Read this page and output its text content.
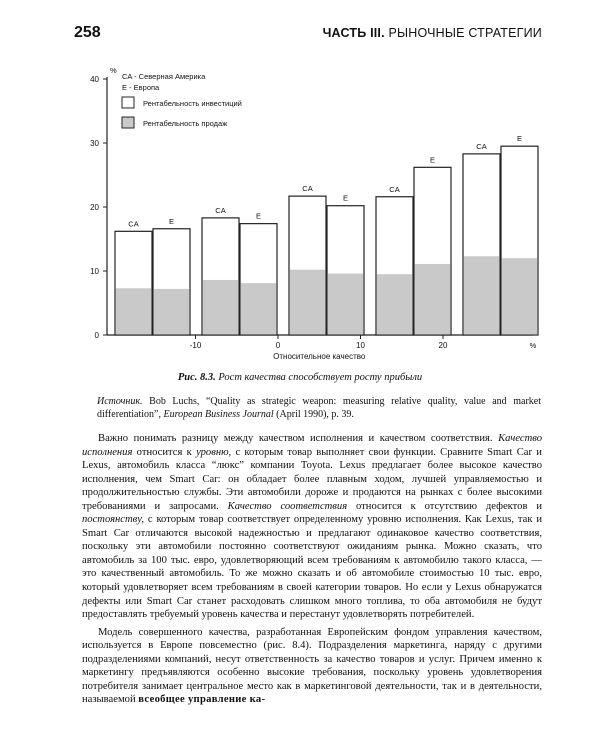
258	ЧАСТЬ III. РЫНОЧНЫЕ СТРАТЕГИИ
%
0
10
20
30
40
-10	0	10	20	%
Относительное качество
CA	E
CA
E
CA
E
CA
E
CA
E
CA - Северная Америка
E - Европа
Рентабельность инвестиций
Рентабельность продаж
Рис. 8.3. Рост качества способствует росту прибыли
Источник. Bob Luchs, “Quality as strategic weapon: measuring relative quality, value and market differentiation”, European Business Journal (April 1990), p. 39.

Важно понимать разницу между качеством исполнения и качеством соответствия. Качество исполнения относится к уровню, с которым товар выполняет свои функции. Сравните Smart Car и Lexus, автомобиль класса “люкс” компании Toyota. Lexus предлагает более высокое качество исполнения, чем Smart Car: он обладает более плавным ходом, лучшей управляемостью и продолжительностью службы. Эти автомобили дороже и продаются на рынках с более высокими требованиями и запросами. Качество соответствия относится к отсутствию дефектов и постоянству, с которым товар соответствует определенному уровню исполнения. Как Lexus, так и Smart Car отличаются высокой надежностью и предлагают одинаковое качество соответствия, поскольку эти автомобили постоянно соответствуют ожиданиям рынка. Можно сказать, что автомобиль за 100 тыс. евро, удовлетворяющий всем требованиям к автомобилю такого класса, — это качественный автомобиль. То же можно сказать и об автомобиле стоимостью 10 тыс. евро, который удовлетворяет всем требованиям в своей категории товаров. Но если у Lexus обнаружатся дефекты или Smart Car станет расходовать слишком много топлива, то оба автомобиля не будут предоставлять требуемый уровень качества и перестанут удовлетворять потребителей.

Модель совершенного качества, разработанная Европейским фондом управления качеством, используется в Европе повсеместно (рис. 8.4). Подразделения маркетинга, наряду с другими подразделениями компаний, несут ответственность за качество товаров и услуг. Причем именно к маркетингу предъявляются особенно высокие требования, поскольку уровень удовлетворения потребителя занимает центральное место как в маркетинговой деятельности, так и в деятельности, называемой всеобщее управление ка-
